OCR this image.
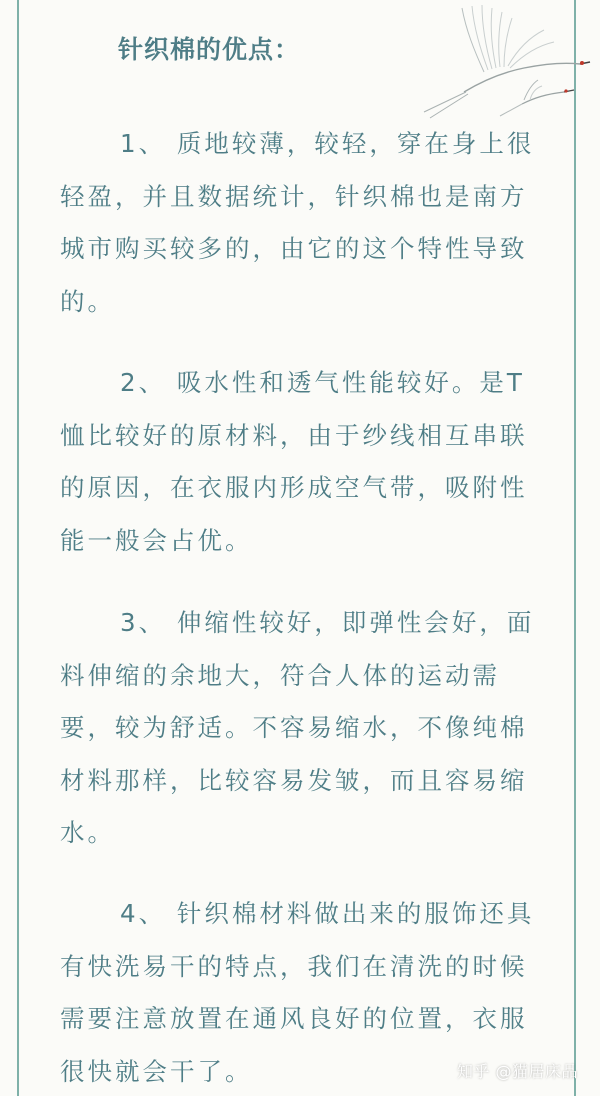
针织棉的优点：

1、 质地较薄，较轻，穿在身上很轻盈，并且数据统计，针织棉也是南方城市购买较多的，由它的这个特性导致的。

2、 吸水性和透气性能较好。是T恤比较好的原材料，由于纱线相互串联的原因，在衣服内形成空气带，吸附性能一般会占优。

3、 伸缩性较好，即弹性会好，面料伸缩的余地大，符合人体的运动需要，较为舒适。不容易缩水，不像纯棉材料那样，比较容易发皱，而且容易缩水。

4、 针织棉材料做出来的服饰还具有快洗易干的特点，我们在清洗的时候需要注意放置在通风良好的位置，衣服很快就会干了。	知乎 @猫居床品
